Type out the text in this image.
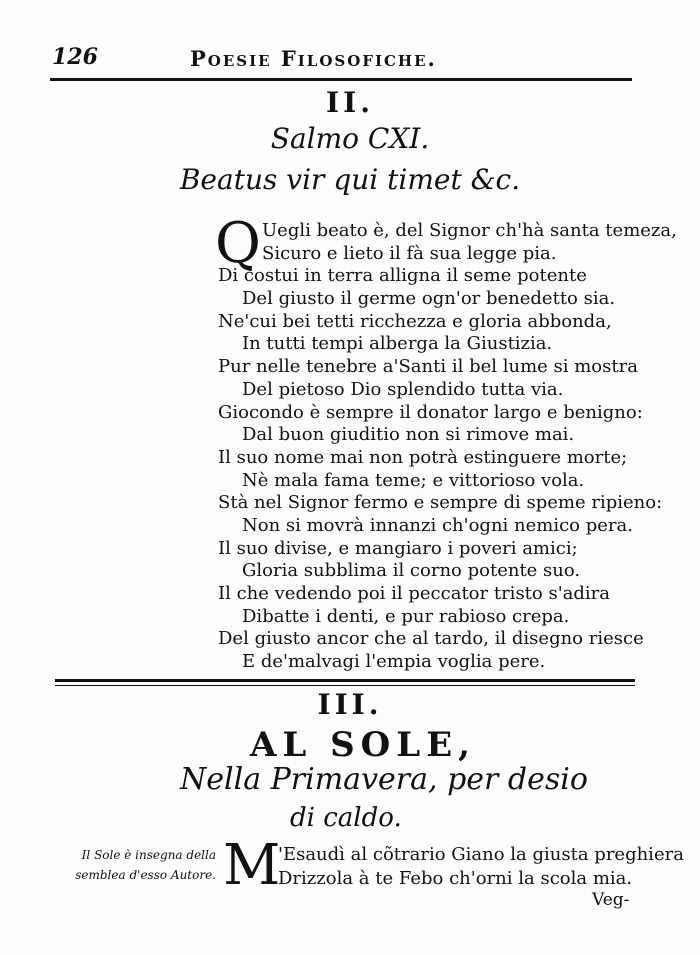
126	Poesie Filosofiche.
II.
Salmo CXI.
Beatus vir qui timet &c.
Q Uegli beato è, del Signor ch'hà santa temeza,
Sicuro e lieto il fà sua legge pia.
Di costui in terra alligna il seme potente
Del giusto il germe ogn'or benedetto sia.
Ne'cui bei tetti ricchezza e gloria abbonda,
In tutti tempi alberga la Giustizia.
Pur nelle tenebre a'Santi il bel lume si mostra
Del pietoso Dio splendido tutta via.
Giocondo è sempre il donator largo e benigno:
Dal buon giuditio non si rimove mai.
Il suo nome mai non potrà estinguere morte;
Nè mala fama teme; e vittorioso vola.
Stà nel Signor fermo e sempre di speme ripieno:
Non si movrà innanzi ch'ogni nemico pera.
Il suo divise, e mangiaro i poveri amici;
Gloria subblima il corno potente suo.
Il che vedendo poi il peccator tristo s'adira
Dibatte i denti, e pur rabioso crepa.
Del giusto ancor che al tardo, il disegno riesce
E de'malvagi l'empia voglia pere.
III.
AL SOLE,
Nella Primavera, per desio
di caldo.
Il Sole è insegna della semblea d'esso Autore. M
'Esaudì al cõtrario Giano la giusta preghiera
Drizzola à te Febo ch'orni la scola mia.
Veg-
